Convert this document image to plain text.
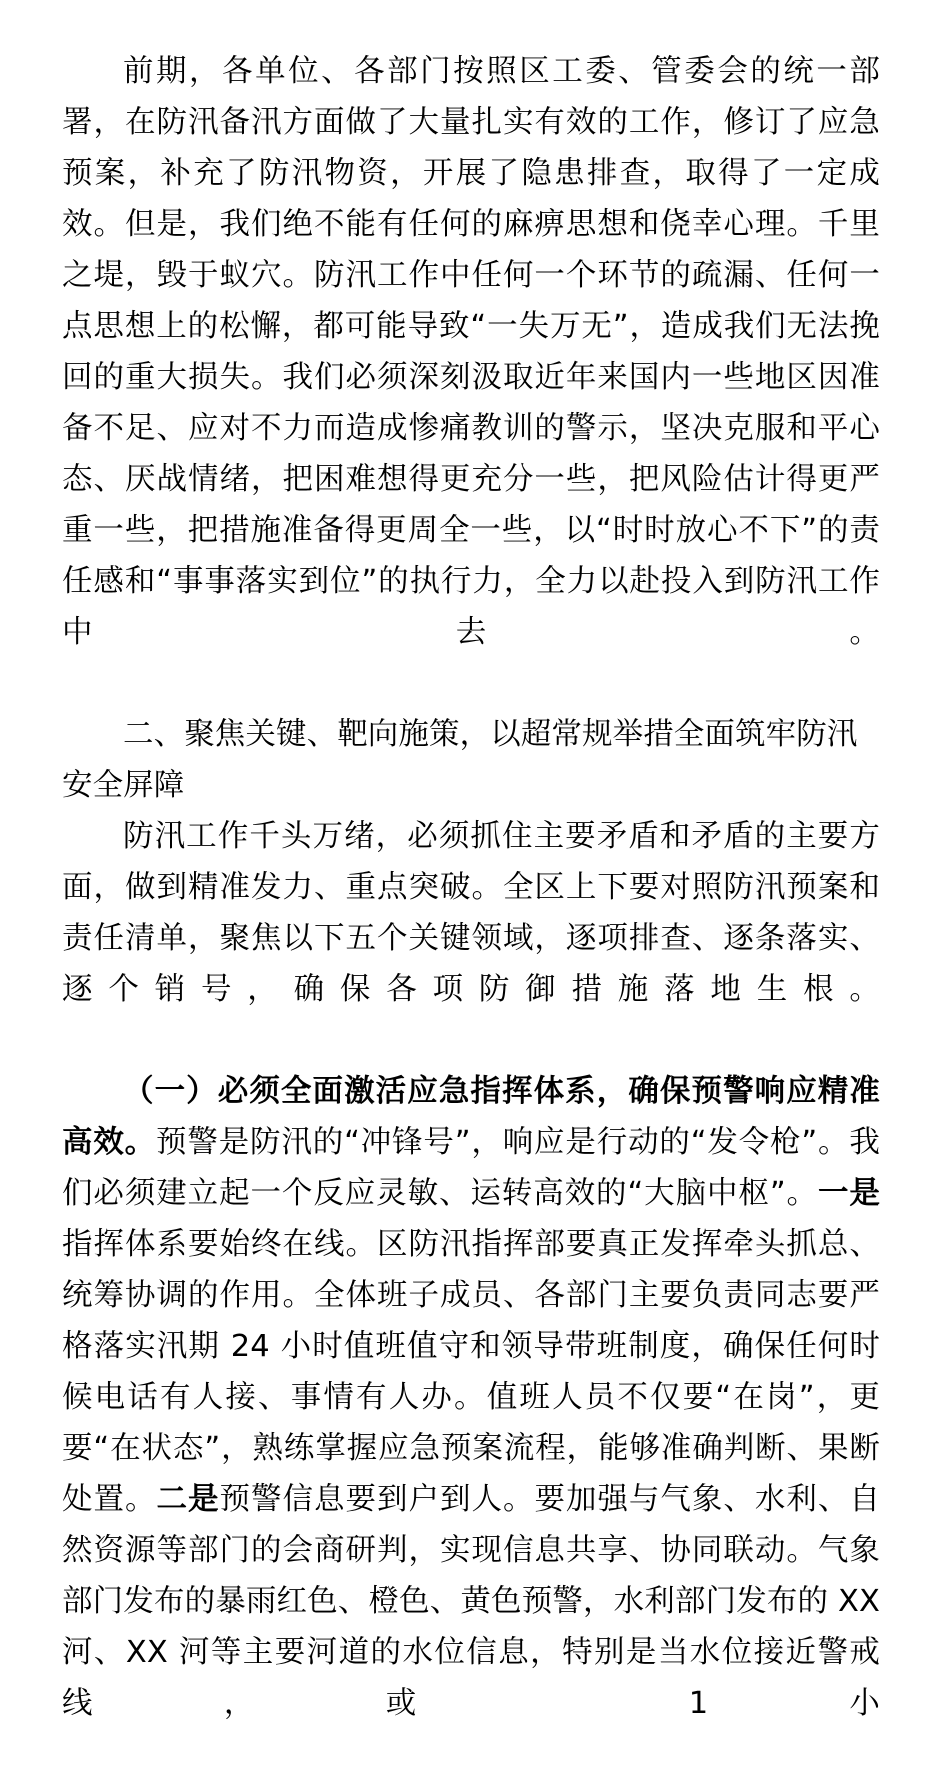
前期，各单位、各部门按照区工委、管委会的统一部署，在防汛备汛方面做了大量扎实有效的工作，修订了应急预案，补充了防汛物资，开展了隐患排查，取得了一定成效。但是，我们绝不能有任何的麻痹思想和侥幸心理。千里之堤，毁于蚁穴。防汛工作中任何一个环节的疏漏、任何一点思想上的松懈，都可能导致“一失万无”，造成我们无法挽回的重大损失。我们必须深刻汲取近年来国内一些地区因准备不足、应对不力而造成惨痛教训的警示，坚决克服和平心态、厌战情绪，把困难想得更充分一些，把风险估计得更严重一些，把措施准备得更周全一些，以“时时放心不下”的责任感和“事事落实到位”的执行力，全力以赴投入到防汛工作中去。

二、聚焦关键、靶向施策，以超常规举措全面筑牢防汛安全屏障

防汛工作千头万绪，必须抓住主要矛盾和矛盾的主要方面，做到精准发力、重点突破。全区上下要对照防汛预案和责任清单，聚焦以下五个关键领域，逐项排查、逐条落实、逐个销号，确保各项防御措施落地生根。

（一）必须全面激活应急指挥体系，确保预警响应精准高效。预警是防汛的“冲锋号”，响应是行动的“发令枪”。我们必须建立起一个反应灵敏、运转高效的“大脑中枢”。一是指挥体系要始终在线。区防汛指挥部要真正发挥牵头抓总、统筹协调的作用。全体班子成员、各部门主要负责同志要严格落实汛期 24 小时值班值守和领导带班制度，确保任何时候电话有人接、事情有人办。值班人员不仅要“在岗”，更要“在状态”，熟练掌握应急预案流程，能够准确判断、果断处置。二是预警信息要到户到人。要加强与气象、水利、自然资源等部门的会商研判，实现信息共享、协同联动。气象部门发布的暴雨红色、橙色、黄色预警，水利部门发布的 XX 河、XX 河等主要河道的水位信息，特别是当水位接近警戒线，或 1 小
